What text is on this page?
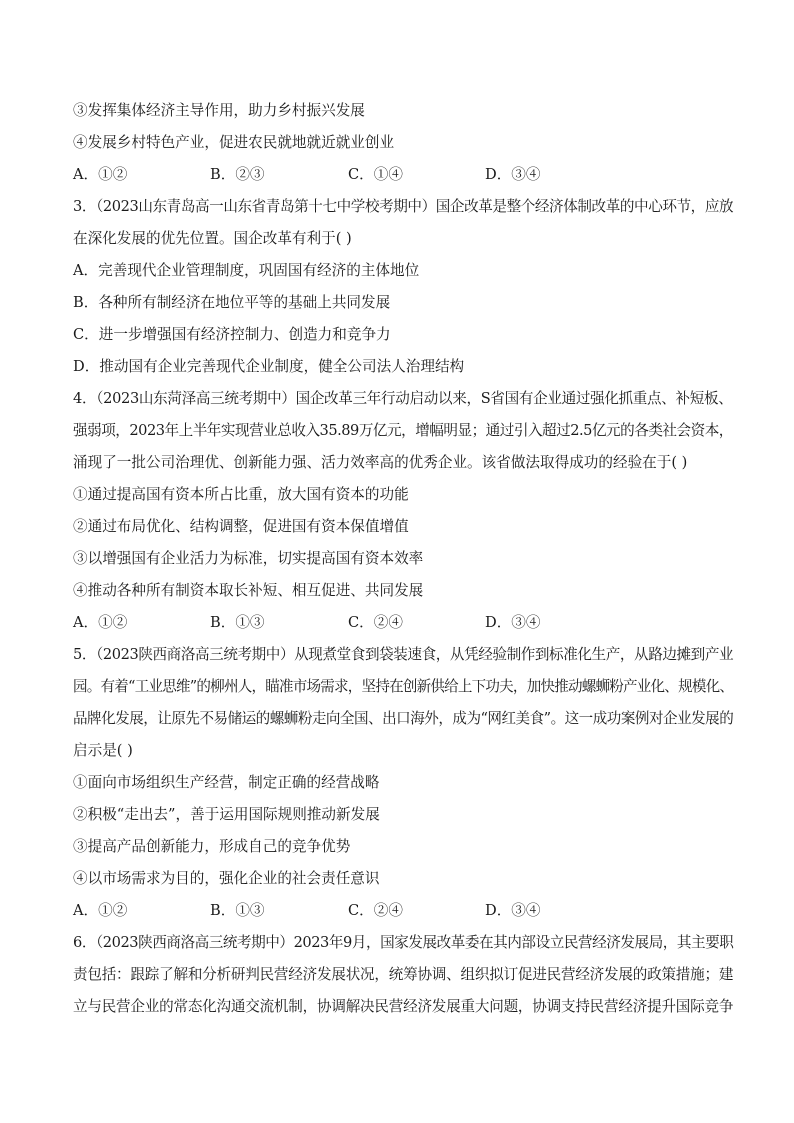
③发挥集体经济主导作用，助力乡村振兴发展
④发展乡村特色产业，促进农民就地就近就业创业
A．①②	B．②③	C．①④	D．③④
3．（2023山东青岛高一山东省青岛第十七中学校考期中）国企改革是整个经济体制改革的中心环节，应放
在深化发展的优先位置。国企改革有利于( )
A．完善现代企业管理制度，巩固国有经济的主体地位
B．各种所有制经济在地位平等的基础上共同发展
C．进一步增强国有经济控制力、创造力和竞争力
D．推动国有企业完善现代企业制度，健全公司法人治理结构
4．（2023山东菏泽高三统考期中）国企改革三年行动启动以来，S省国有企业通过强化抓重点、补短板、
强弱项，2023年上半年实现营业总收入35.89万亿元，增幅明显；通过引入超过2.5亿元的各类社会资本，
涌现了一批公司治理优、创新能力强、活力效率高的优秀企业。该省做法取得成功的经验在于( )
①通过提高国有资本所占比重，放大国有资本的功能
②通过布局优化、结构调整，促进国有资本保值增值
③以增强国有企业活力为标准，切实提高国有资本效率
④推动各种所有制资本取长补短、相互促进、共同发展
A．①②	B．①③	C．②④	D．③④
5．（2023陕西商洛高三统考期中）从现煮堂食到袋装速食，从凭经验制作到标准化生产，从路边摊到产业
园。有着“工业思维”的柳州人，瞄准市场需求，坚持在创新供给上下功夫，加快推动螺蛳粉产业化、规模化、
品牌化发展，让原先不易储运的螺蛳粉走向全国、出口海外，成为“网红美食”。这一成功案例对企业发展的
启示是( )
①面向市场组织生产经营，制定正确的经营战略
②积极“走出去”，善于运用国际规则推动新发展
③提高产品创新能力，形成自己的竞争优势
④以市场需求为目的，强化企业的社会责任意识
A．①②	B．①③	C．②④	D．③④
6．（2023陕西商洛高三统考期中）2023年9月，国家发展改革委在其内部设立民营经济发展局，其主要职
责包括：跟踪了解和分析研判民营经济发展状况，统筹协调、组织拟订促进民营经济发展的政策措施；建
立与民营企业的常态化沟通交流机制，协调解决民营经济发展重大问题，协调支持民营经济提升国际竞争
